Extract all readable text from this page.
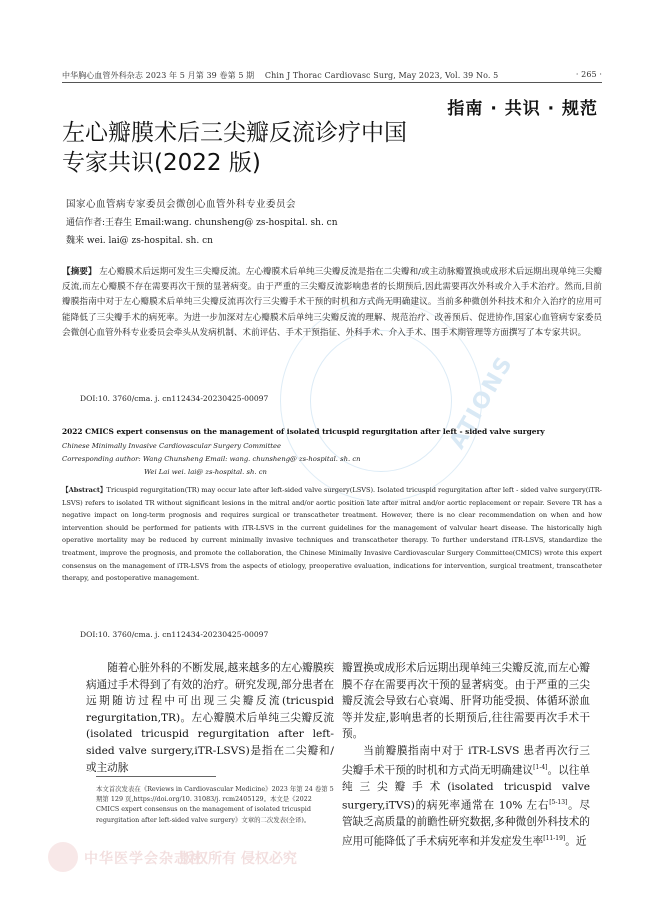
ATIONS
中华胸心血管外科杂志 2023 年 5 月第 39 卷第 5 期 Chin J Thorac Cardiovasc Surg, May 2023, Vol. 39 No. 5	· 265 ·
指南 · 共识 · 规范
左心瓣膜术后三尖瓣反流诊疗中国
专家共识(2022 版)
国家心血管病专家委员会微创心血管外科专业委员会
通信作者:王春生 Email:wang. chunsheng@ zs-hospital. sh. cn
魏来 wei. lai@ zs-hospital. sh. cn
【摘要】 左心瓣膜术后远期可发生三尖瓣反流。左心瓣膜术后单纯三尖瓣反流是指在二尖瓣和/或主动脉瓣置换或成形术后远期出现单纯三尖瓣反流,而左心瓣膜不存在需要再次干预的显著病变。由于严重的三尖瓣反流影响患者的长期预后,因此需要再次外科或介入手术治疗。然而,目前瓣膜指南中对于左心瓣膜术后单纯三尖瓣反流再次行三尖瓣手术干预的时机和方式尚无明确建议。当前多种微创外科技术和介入治疗的应用可能降低了三尖瓣手术的病死率。为进一步加深对左心瓣膜术后单纯三尖瓣反流的理解、规范治疗、改善预后、促进协作,国家心血管病专家委员会微创心血管外科专业委员会牵头从发病机制、术前评估、手术干预指征、外科手术、介入手术、围手术期管理等方面撰写了本专家共识。
DOI:10. 3760/cma. j. cn112434-20230425-00097
2022 CMICS expert consensus on the management of isolated tricuspid regurgitation after left - sided valve surgery
Chinese Minimally Invasive Cardiovascular Surgery Committee
Corresponding author: Wang Chunsheng Email: wang. chunsheng@ zs-hospital. sh. cn
Wei Lai wei. lai@ zs-hospital. sh. cn
【Abstract】Tricuspid regurgitation(TR) may occur late after left-sided valve surgery(LSVS). Isolated tricuspid regurgitation after left - sided valve surgery(iTR-LSVS) refers to isolated TR without significant lesions in the mitral and/or aortic position late after mitral and/or aortic replacement or repair. Severe TR has a negative impact on long-term prognosis and requires surgical or transcatheter treatment. However, there is no clear recommendation on when and how intervention should be performed for patients with iTR-LSVS in the current guidelines for the management of valvular heart disease. The historically high operative mortality may be reduced by current minimally invasive techniques and transcatheter therapy. To further understand iTR-LSVS, standardize the treatment, improve the prognosis, and promote the collaboration, the Chinese Minimally Invasive Cardiovascular Surgery Committee(CMICS) wrote this expert consensus on the management of iTR-LSVS from the aspects of etiology, preoperative evaluation, indications for intervention, surgical treatment, transcatheter therapy, and postoperative management.
DOI:10. 3760/cma. j. cn112434-20230425-00097

随着心脏外科的不断发展,越来越多的左心瓣膜疾病通过手术得到了有效的治疗。研究发现,部分患者在远期随访过程中可出现三尖瓣反流(tricuspid regurgitation,TR)。左心瓣膜术后单纯三尖瓣反流(isolated tricuspid regurgitation after left-sided valve surgery,iTR-LSVS)是指在二尖瓣和/或主动脉

瓣置换或成形术后远期出现单纯三尖瓣反流,而左心瓣膜不存在需要再次干预的显著病变。由于严重的三尖瓣反流会导致右心衰竭、肝肾功能受损、体循环淤血等并发症,影响患者的长期预后,往往需要再次手术干预。

当前瓣膜指南中对于 iTR-LSVS 患者再次行三尖瓣手术干预的时机和方式尚无明确建议[1-4]。以往单纯三尖瓣手术(isolated tricuspid valve surgery,iTVS)的病死率通常在 10% 左右[5-13]。尽管缺乏高质量的前瞻性研究数据,多种微创外科技术的应用可能降低了手术病死率和并发症发生率[11-19]。近

本文首次发表在《Reviews in Cardiovascular Medicine》2023 年第 24 卷第 5 期第 129 页,https://doi.org/10. 31083/j. rcm2405129。本文是《2022 CMICS expert consensus on the management of isolated tricuspid regurgitation after left-sided valve surgery》文章的二次发表(全译)。
中华医学会杂志社
版权所有 侵权必究
